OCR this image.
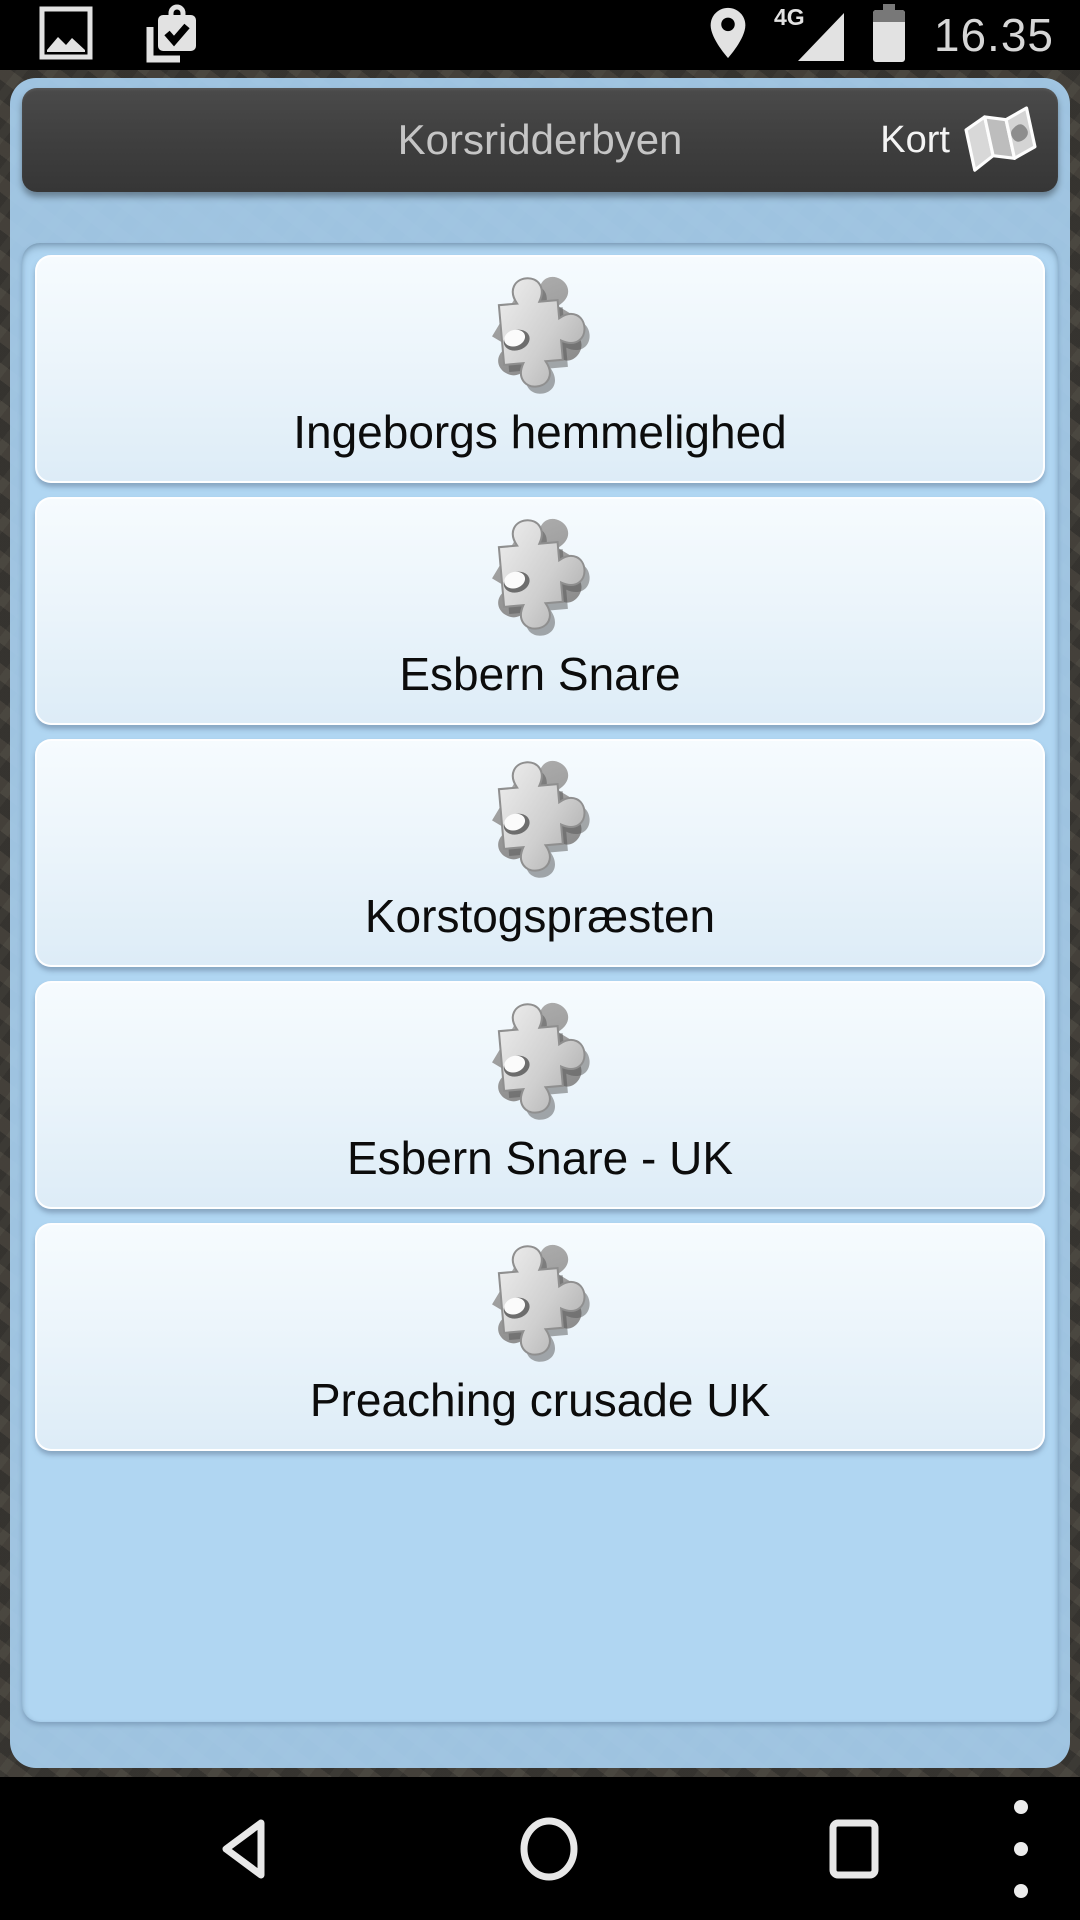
4G	16.35
Korsridderbyen	Kort
Ingeborgs hemmelighed
Esbern Snare
Korstogspræsten
Esbern Snare - UK
Preaching crusade UK
